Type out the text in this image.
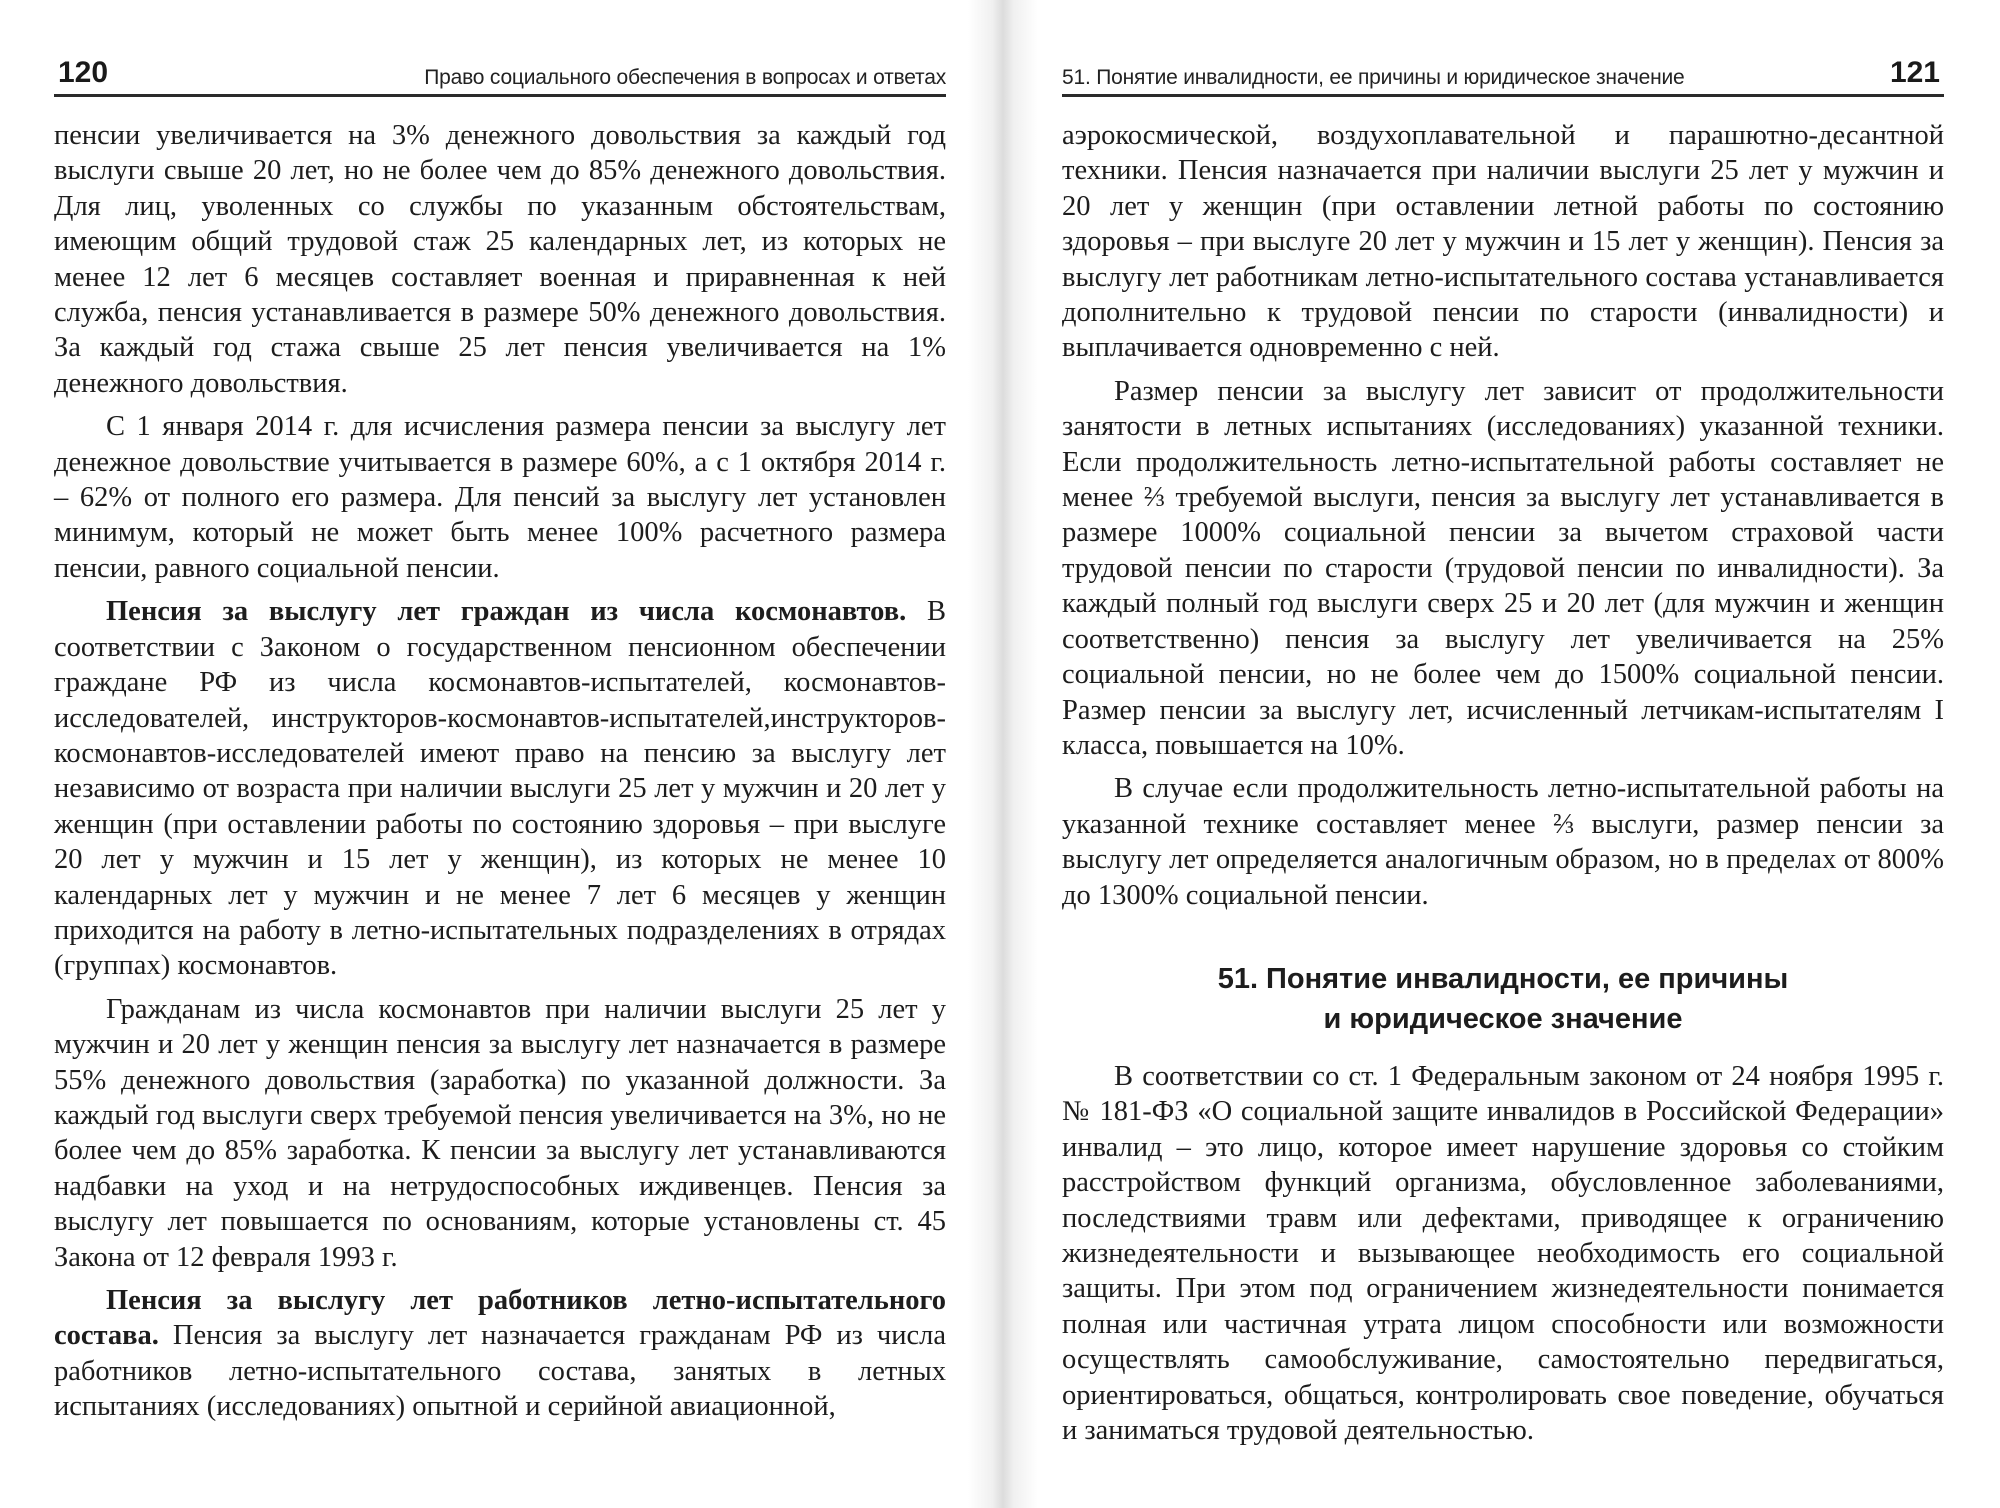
120	Право социального обеспечения в вопросах и ответах

пенсии увеличивается на 3% денежного довольствия за каждый год выслуги свыше 20 лет, но не более чем до 85% денежного довольствия. Для лиц, уволенных со службы по указанным обстоятельствам, имеющим общий трудовой стаж 25 календарных лет, из которых не менее 12 лет 6 месяцев составляет военная и приравненная к ней служба, пенсия устанавливается в размере 50% денежного довольствия. За каждый год стажа свыше 25 лет пенсия увеличивается на 1% денежного довольствия.

С 1 января 2014 г. для исчисления размера пенсии за выслугу лет денежное довольствие учитывается в размере 60%, а с 1 октября 2014 г. – 62% от полного его размера. Для пенсий за выслугу лет установлен минимум, который не может быть менее 100% расчетного размера пенсии, равного социальной пенсии.

Пенсия за выслугу лет граждан из числа космонавтов. В соответствии с Законом о государственном пенсионном обеспечении граждане РФ из числа космонавтов-испытателей, космонавтов-исследователей, инструкторов-космонавтов-испытателей,инструкторов-космонавтов-исследователей имеют право на пенсию за выслугу лет независимо от возраста при наличии выслуги 25 лет у мужчин и 20 лет у женщин (при оставлении работы по состоянию здоровья – при выслуге 20 лет у мужчин и 15 лет у женщин), из которых не менее 10 календарных лет у мужчин и не менее 7 лет 6 месяцев у женщин приходится на работу в летно-испытательных подразделениях в отрядах (группах) космонавтов.

Гражданам из числа космонавтов при наличии выслуги 25 лет у мужчин и 20 лет у женщин пенсия за выслугу лет назначается в размере 55% денежного довольствия (заработка) по указанной должности. За каждый год выслуги сверх требуемой пенсия увеличивается на 3%, но не более чем до 85% заработка. К пенсии за выслугу лет устанавливаются надбавки на уход и на нетрудоспособных иждивенцев. Пенсия за выслугу лет повышается по основаниям, которые установлены ст. 45 Закона от 12 февраля 1993 г.

Пенсия за выслугу лет работников летно-испытательного состава. Пенсия за выслугу лет назначается гражданам РФ из числа работников летно-испытательного состава, занятых в летных испытаниях (исследованиях) опытной и серийной авиационной,

51. Понятие инвалидности, ее причины и юридическое значение	121

аэрокосмической, воздухоплавательной и парашютно-десантной техники. Пенсия назначается при наличии выслуги 25 лет у мужчин и 20 лет у женщин (при оставлении летной работы по состоянию здоровья – при выслуге 20 лет у мужчин и 15 лет у женщин). Пенсия за выслугу лет работникам летно-испытательного состава устанавливается дополнительно к трудовой пенсии по старости (инвалидности) и выплачивается одновременно с ней.

Размер пенсии за выслугу лет зависит от продолжительности занятости в летных испытаниях (исследованиях) указанной техники. Если продолжительность летно-испытательной работы составляет не менее ⅔ требуемой выслуги, пенсия за выслугу лет устанавливается в размере 1000% социальной пенсии за вычетом страховой части трудовой пенсии по старости (трудовой пенсии по инвалидности). За каждый полный год выслуги сверх 25 и 20 лет (для мужчин и женщин соответственно) пенсия за выслугу лет увеличивается на 25% социальной пенсии, но не более чем до 1500% социальной пенсии. Размер пенсии за выслугу лет, исчисленный летчикам-испытателям I класса, повышается на 10%.

В случае если продолжительность летно-испытательной работы на указанной технике составляет менее ⅔ выслуги, размер пенсии за выслугу лет определяется аналогичным образом, но в пределах от 800% до 1300% социальной пенсии.

51. Понятие инвалидности, ее причины
и юридическое значение

В соответствии со ст. 1 Федеральным законом от 24 ноября 1995 г. № 181-ФЗ «О социальной защите инвалидов в Российской Федерации» инвалид – это лицо, которое имеет нарушение здоровья со стойким расстройством функций организма, обусловленное заболеваниями, последствиями травм или дефектами, приводящее к ограничению жизнедеятельности и вызывающее необходимость его социальной защиты. При этом под ограничением жизнедеятельности понимается полная или частичная утрата лицом способности или возможности осуществлять самообслуживание, самостоятельно передвигаться, ориентироваться, общаться, контролировать свое поведение, обучаться и заниматься трудовой деятельностью.
